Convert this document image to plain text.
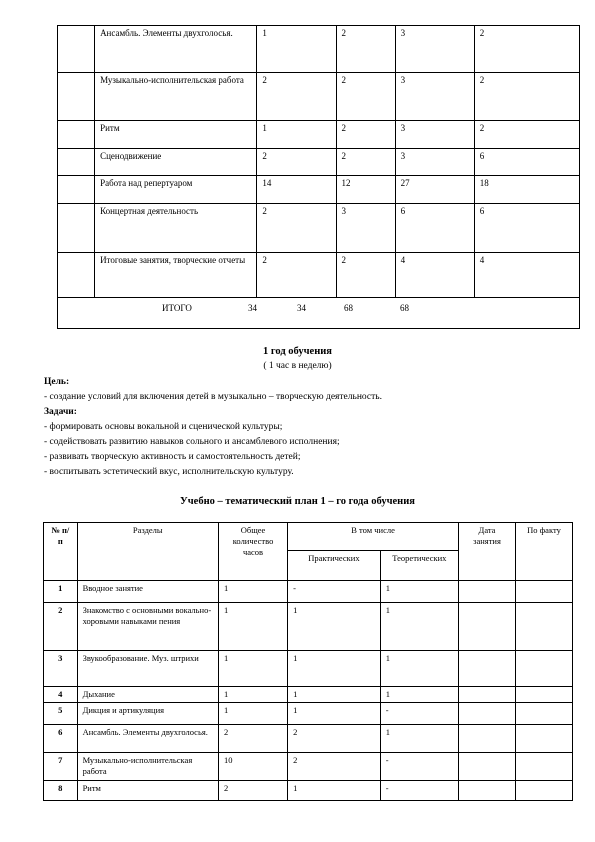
	Ансамбль. Элементы двухголосья.	1	2	3	2
	Музыкально-исполнительская работа	2	2	3	2
	Ритм	1	2	3	2
	Сценодвижение	2	2	3	6
	Работа над репертуаром	14	12	27	18
	Концертная деятельность	2	3	6	6
	Итоговые занятия, творческие отчеты	2	2	4	4

ИТОГО	34	34	68	68
1 год обучения
( 1 час в неделю)
Цель:
- создание условий для включения детей в музыкально – творческую деятельность.
Задачи:
- формировать основы вокальной и сценической культуры;
- содействовать развитию навыков сольного и ансамблевого исполнения;
- развивать творческую активность и самостоятельность детей;
- воспитывать эстетический вкус, исполнительскую культуру.
Учебно – тематический план 1 – го года обучения
№ п/п	Разделы	Общее количество часов	В том числе		Дата занятия	По факту
			Практических	Теоретических		
1	Вводное занятие	1	-	1		
2	Знакомство с основными вокально-хоровыми навыками пения	1	1	1		
3	Звукообразование. Муз. штрихи	1	1	1		
4	Дыхание	1	1	1		
5	Дикция и артикуляция	1	1	-		
6	Ансамбль. Элементы двухголосья.	2	2	1		
7	Музыкально-исполнительская работа	10	2	-		
8	Ритм	2	1	-		
